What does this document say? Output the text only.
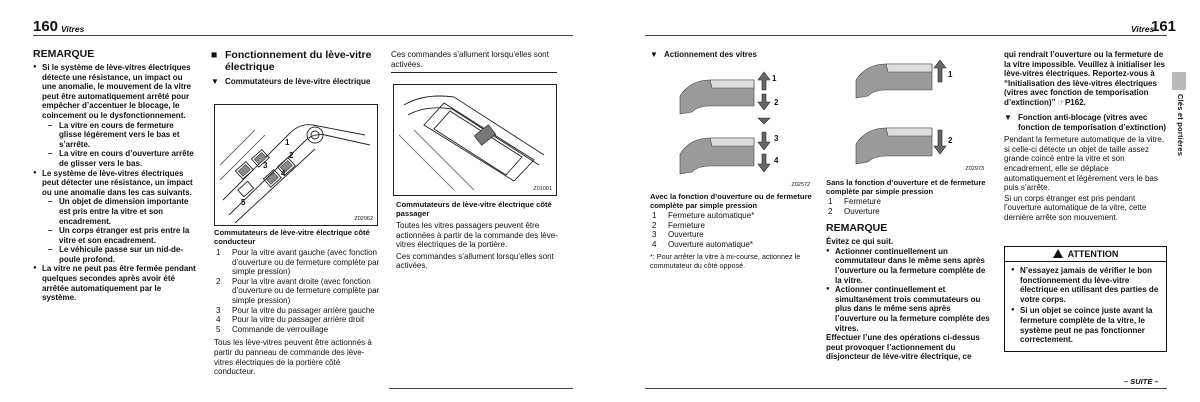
160 Vitres
REMARQUE
● Si le système de lève-vitres électriques détecte une résistance, un impact ou une anomalie, le mouvement de la vitre peut être automatiquement arrêté pour empêcher d’accentuer le blocage, le coincement ou le dysfonctionnement.
– La vitre en cours de fermeture glisse légèrement vers le bas et s’arrête.
– La vitre en cours d’ouverture arrête de glisser vers le bas.
● Le système de lève-vitres électriques peut détecter une résistance, un impact ou une anomalie dans les cas suivants.
– Un objet de dimension importante est pris entre la vitre et son encadrement.
– Un corps étranger est pris entre la vitre et son encadrement.
– Le véhicule passe sur un nid-de-poule profond.
● La vitre ne peut pas être fermée pendant quelques secondes après avoir été arrêtée automatiquement par le système.
■ Fonctionnement du lève-vitre électrique
▼ Commutateurs de lève-vitre électrique
1
2
3
4
5
Z02962
Commutateurs de lève-vitre électrique côté conducteur
1 Pour la vitre avant gauche (avec fonction d’ouverture ou de fermeture complète par simple pression)
2 Pour la vitre avant droite (avec fonction d’ouverture ou de fermeture complète par simple pression)
3 Pour la vitre du passager arrière gauche
4 Pour la vitre du passager arrière droit
5 Commande de verrouillage
Tous les lève-vitres peuvent être actionnés à partir du panneau de commande des lève-vitres électriques de la portière côté conducteur.
Ces commandes s’allument lorsqu’elles sont activées.
Z01001
Commutateurs de lève-vitre électrique côté passager
Toutes les vitres passagers peuvent être actionnées à partir de la commande des lève-vitres électriques de la portière.
Ces commandes s’allument lorsqu’elles sont activées.
Vitres
161
▼ Actionnement des vitres
1
2
3
4
Z02572
Avec la fonction d’ouverture ou de fermeture complète par simple pression
1 Fermeture automatique*
2 Fermeture
3 Ouverture
4 Ouverture automatique*
*: Pour arrêter la vitre à mi-course, actionnez le commutateur du côté opposé.
1
2
Z02973
Sans la fonction d’ouverture et de fermeture complète par simple pression
1 Fermeture
2 Ouverture
REMARQUE
Évitez ce qui suit.
● Actionner continuellement un commutateur dans le même sens après l’ouverture ou la fermeture complète de la vitre.
● Actionner continuellement et simultanément trois commutateurs ou plus dans le même sens après l’ouverture ou la fermeture complète des vitres.
Effectuer l’une des opérations ci-dessus peut provoquer l’actionnement du disjoncteur de lève-vitre électrique, ce
qui rendrait l’ouverture ou la fermeture de la vitre impossible. Veuillez à initialiser les lève-vitres électriques. Reportez-vous à “Initialisation des lève-vitres électriques (vitres avec fonction de temporisation d’extinction)” ☞P162.
▼ Fonction anti-blocage (vitres avec fonction de temporisation d’extinction)
Pendant la fermeture automatique de la vitre, si celle-ci détecte un objet de taille assez grande coincé entre la vitre et son encadrement, elle se déplace automatiquement et légèrement vers le bas puis s’arrête.
Si un corps étranger est pris pendant l’ouverture automatique de la vitre, cette dernière arrête son mouvement.
ATTENTION
● N’essayez jamais de vérifier le bon fonctionnement du lève-vitre électrique en utilisant des parties de votre corps.
● Si un objet se coince juste avant la fermeture complète de la vitre, le système peut ne pas fonctionner correctement.
– SUITE –
Clés et portières
